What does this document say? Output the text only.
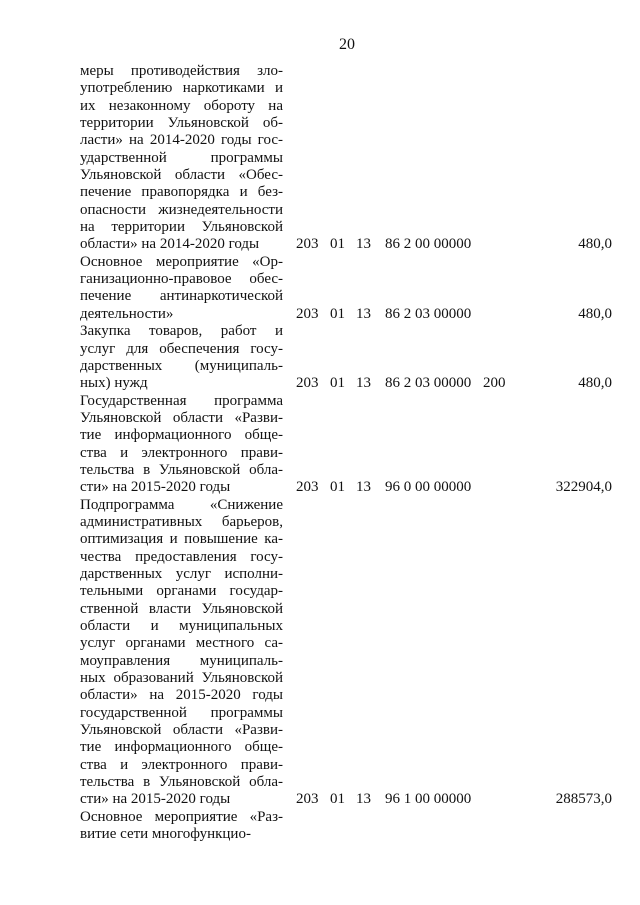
20
меры противодействия зло-
употреблению наркотиками и
их незаконному обороту на
территории Ульяновской об-
ласти» на 2014-2020 годы гос-
ударственной программы
Ульяновской области «Обес-
печение правопорядка и без-
опасности жизнедеятельности
на территории Ульяновской
области» на 2014-2020 годы	203 01 13 86 2 00 00000	480,0
Основное мероприятие «Ор-
ганизационно-правовое обес-
печение антинаркотической
деятельности»	203 01 13 86 2 03 00000	480,0
Закупка товаров, работ и
услуг для обеспечения госу-
дарственных (муниципаль-
ных) нужд	203 01 13 86 2 03 00000 200	480,0
Государственная программа
Ульяновской области «Разви-
тие информационного обще-
ства и электронного прави-
тельства в Ульяновской обла-
сти» на 2015-2020 годы	203 01 13 96 0 00 00000	322904,0
Подпрограмма «Снижение
административных барьеров,
оптимизация и повышение ка-
чества предоставления госу-
дарственных услуг исполни-
тельными органами государ-
ственной власти Ульяновской
области и муниципальных
услуг органами местного са-
моуправления муниципаль-
ных образований Ульяновской
области» на 2015-2020 годы
государственной программы
Ульяновской области «Разви-
тие информационного обще-
ства и электронного прави-
тельства в Ульяновской обла-
сти» на 2015-2020 годы	203 01 13 96 1 00 00000	288573,0
Основное мероприятие «Раз-
витие сети многофункцио-
